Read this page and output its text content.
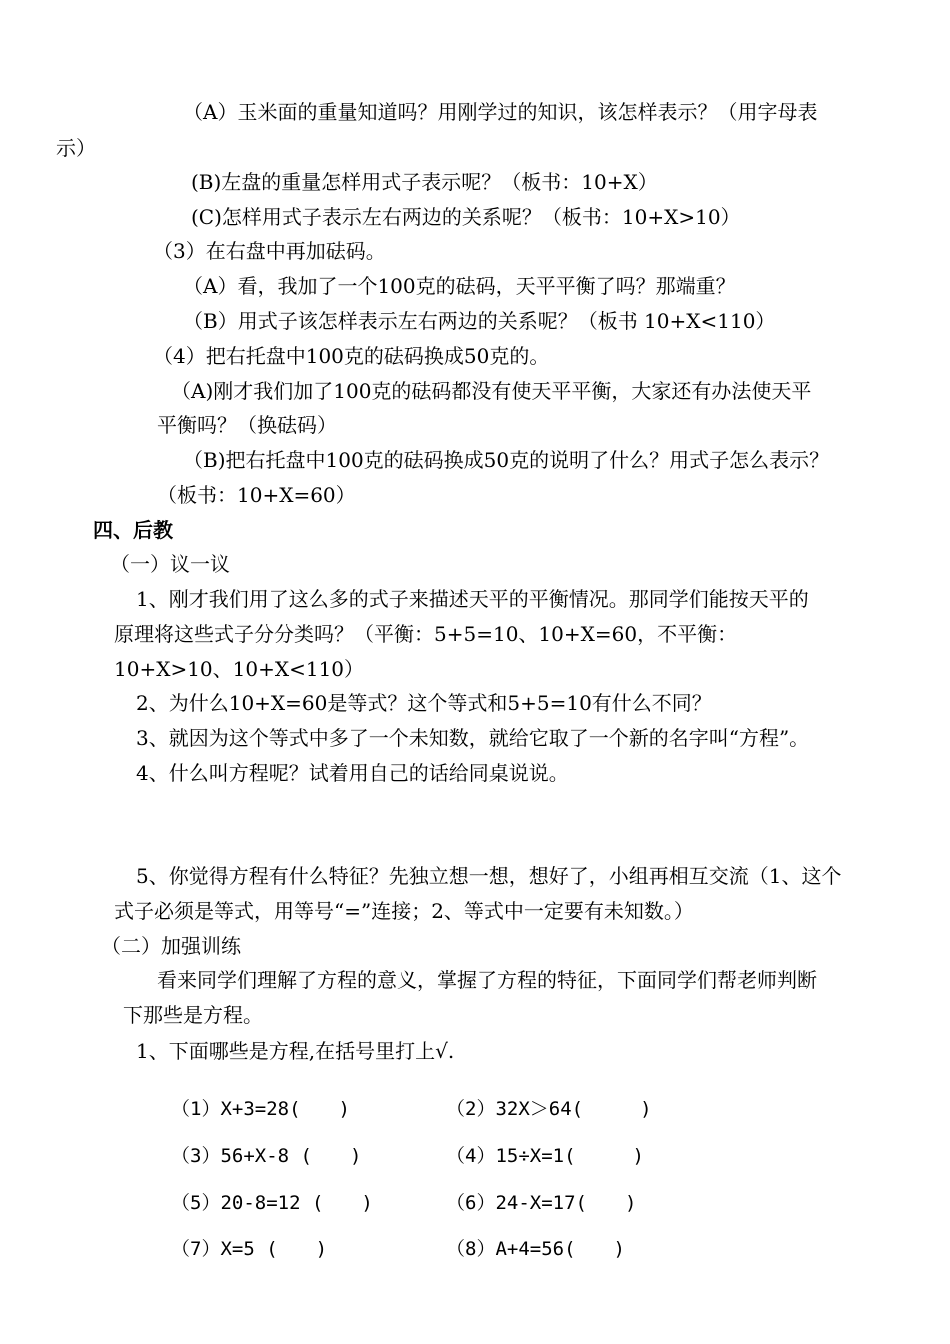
（A）玉米面的重量知道吗？用刚学过的知识，该怎样表示？（用字母表
示）
(B)左盘的重量怎样用式子表示呢？（板书：10+X）
(C)怎样用式子表示左右两边的关系呢？（板书：10+X>10）
（3）在右盘中再加砝码。
（A）看，我加了一个100克的砝码，天平平衡了吗？那端重？
（B）用式子该怎样表示左右两边的关系呢？（板书 10+X<110）
（4）把右托盘中100克的砝码换成50克的。
（A)刚才我们加了100克的砝码都没有使天平平衡，大家还有办法使天平
平衡吗？（换砝码）
（B)把右托盘中100克的砝码换成50克的说明了什么？用式子怎么表示？
（板书：10+X=60）
四、后教
（一）议一议
1、刚才我们用了这么多的式子来描述天平的平衡情况。那同学们能按天平的
原理将这些式子分分类吗？（平衡：5+5=10、10+X=60，不平衡：
10+X>10、10+X<110）
2、为什么10+X=60是等式？这个等式和5+5=10有什么不同？
3、就因为这个等式中多了一个未知数，就给它取了一个新的名字叫“方程”。
4、什么叫方程呢？试着用自己的话给同桌说说。
5、你觉得方程有什么特征？先独立想一想，想好了，小组再相互交流（1、这个
式子必须是等式，用等号“=”连接；2、等式中一定要有未知数。）
（二）加强训练
看来同学们理解了方程的意义，掌握了方程的特征，下面同学们帮老师判断
下那些是方程。
1、下面哪些是方程,在括号里打上√.
（1）X+3=28(　　)	（2）32X＞64(　　　)
（3）56+X-8 (　　)	（4）15÷X=1(　　　)
（5）20-8=12 (　　)	（6）24-X=17(　　)
（7）X=5 (　　)	（8）A+4=56(　　)
